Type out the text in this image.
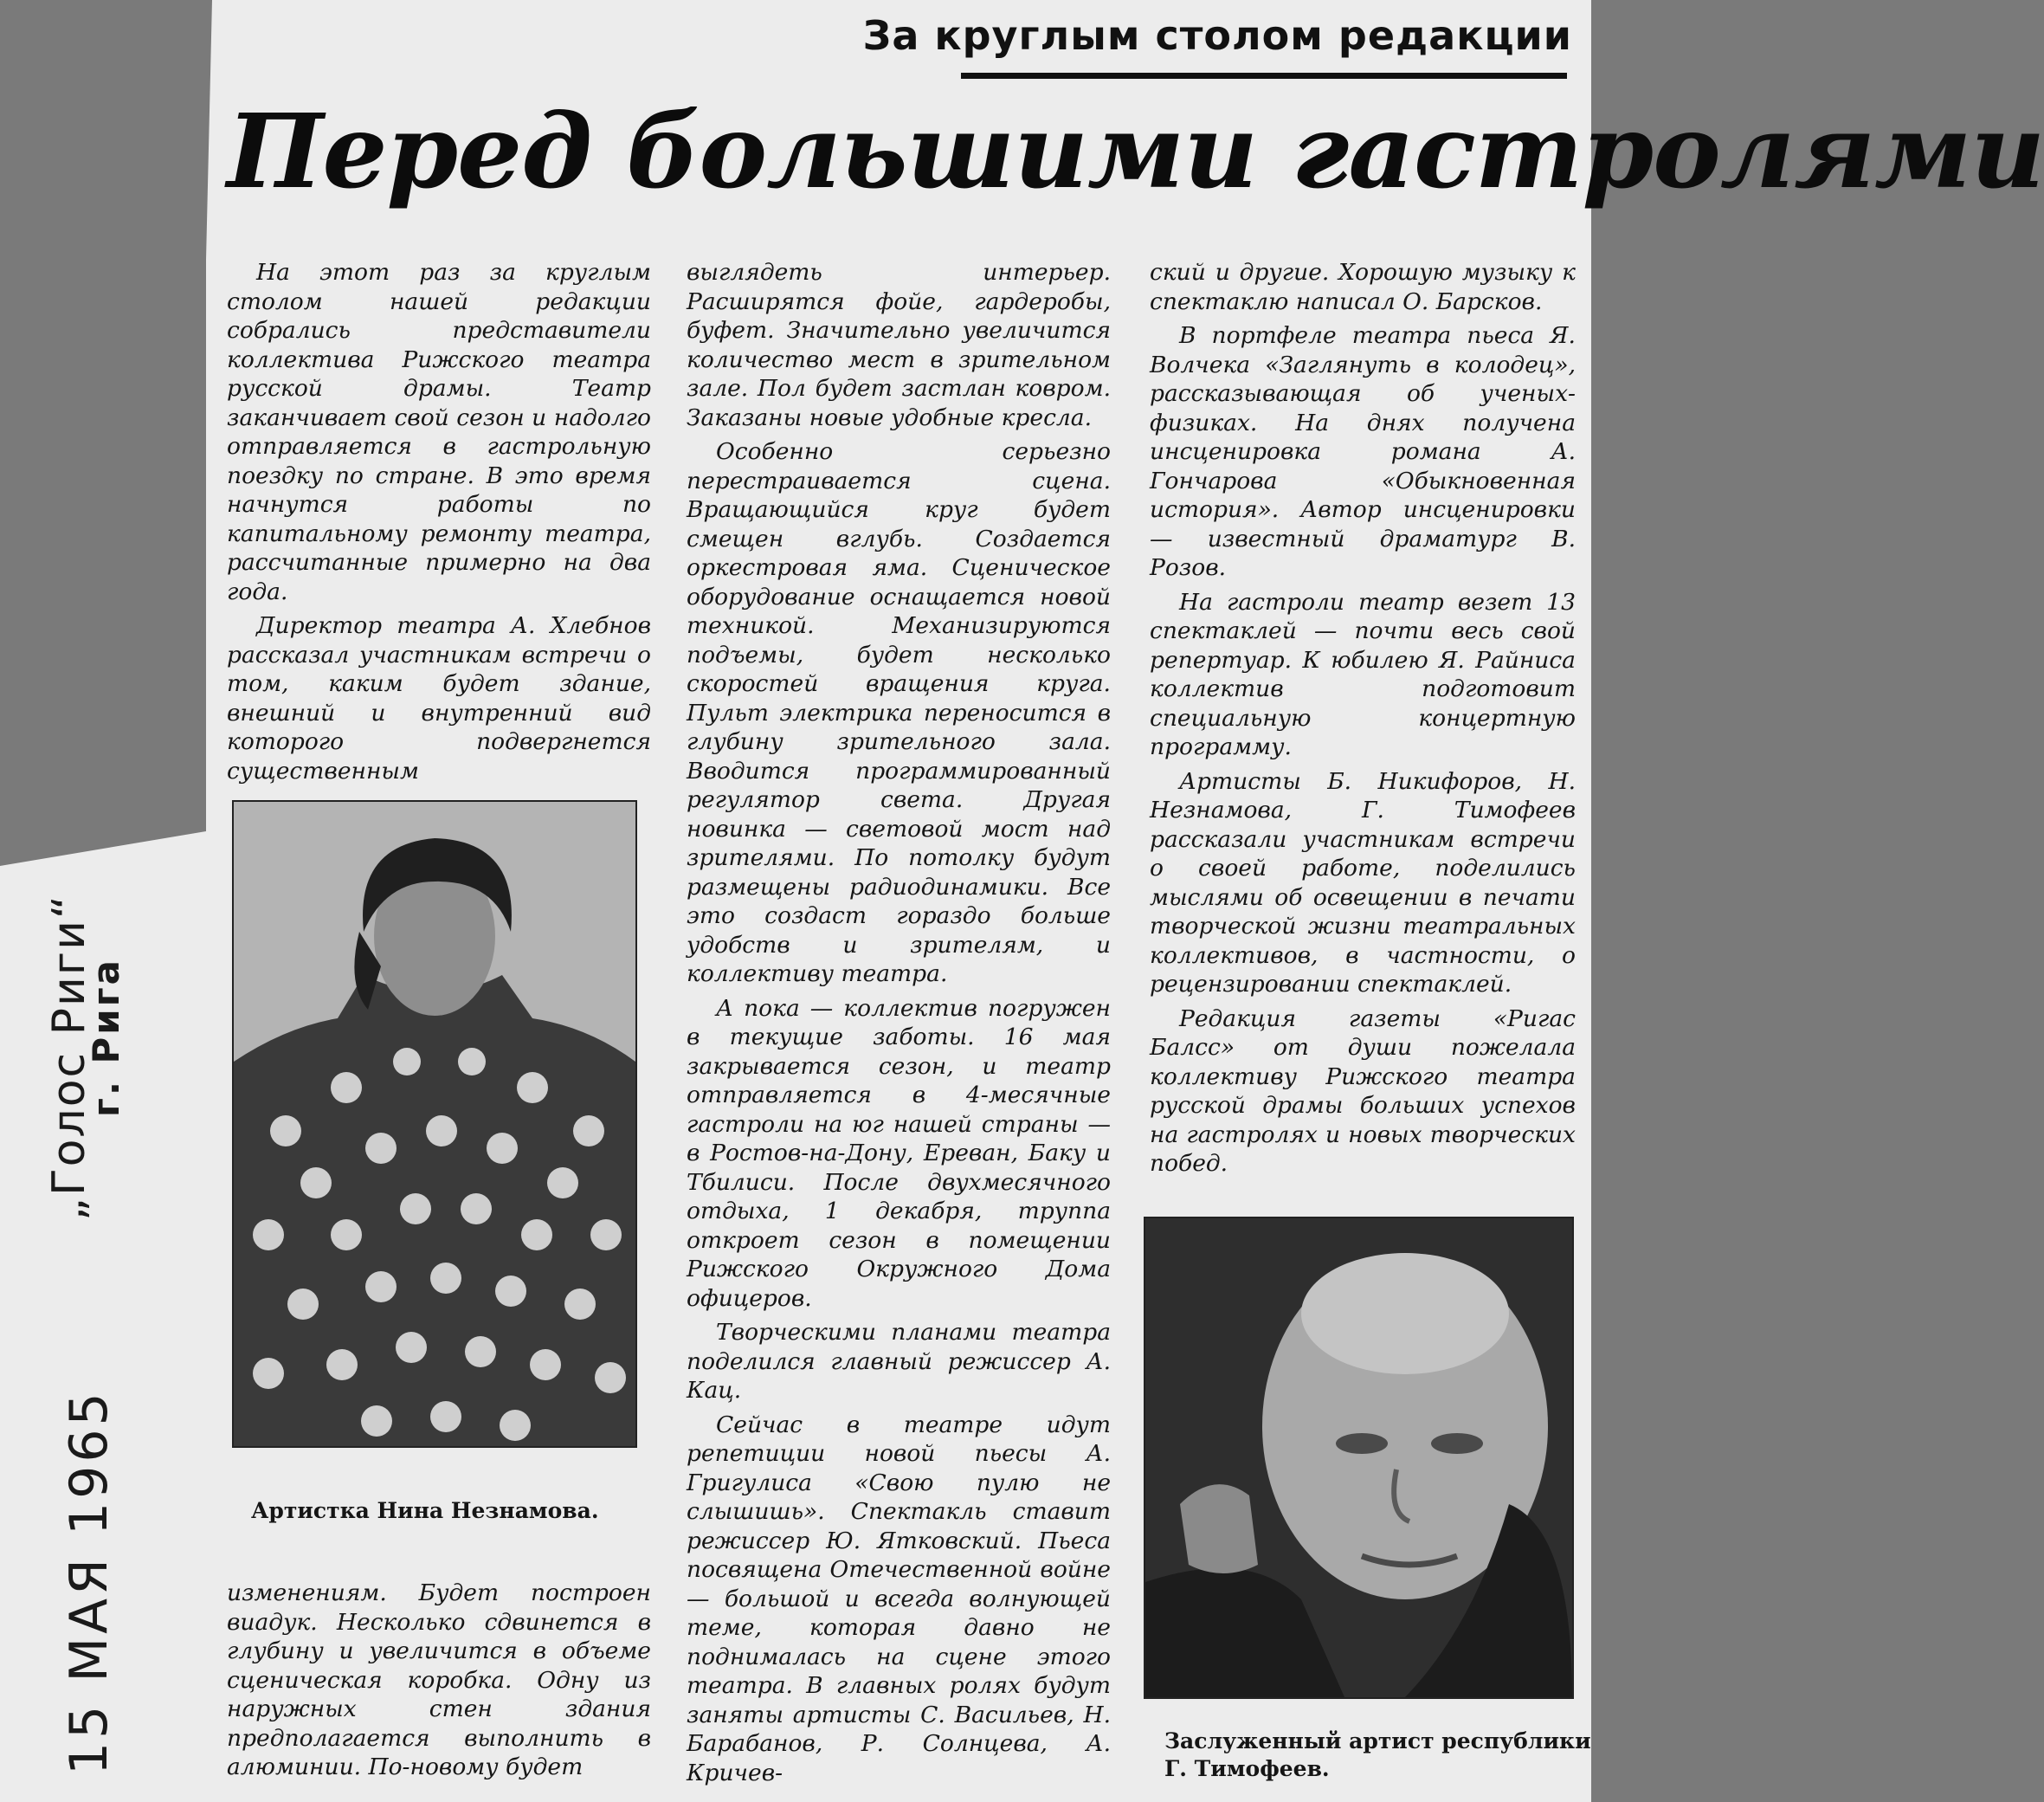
За круглым столом редакции
Перед большими гастролями

На этот раз за круглым столом нашей редакции собрались представители коллектива Рижского театра русской драмы. Театр заканчивает свой сезон и надолго отправляется в гастрольную поездку по стране. В это время начнутся работы по капитальному ремонту театра, рассчитанные примерно на два года.

Директор театра А. Хлебнов рассказал участникам встречи о том, каким будет здание, внешний и внутренний вид которого подвергнется существенным

Артистка Нина Незнамова.

изменениям. Будет построен виадук. Несколько сдвинется в глубину и увеличится в объеме сценическая коробка. Одну из наружных стен здания предполагается выполнить в алюминии. По-новому будет

выглядеть интерьер. Расширятся фойе, гардеробы, буфет. Значительно увеличится количество мест в зрительном зале. Пол будет застлан ковром. Заказаны новые удобные кресла.

Особенно серьезно перестраивается сцена. Вращающийся круг будет смещен вглубь. Создается оркестровая яма. Сценическое оборудование оснащается новой техникой. Механизируются подъемы, будет несколько скоростей вращения круга. Пульт электрика переносится в глубину зрительного зала. Вводится программированный регулятор света. Другая новинка — световой мост над зрителями. По потолку будут размещены радиодинамики. Все это создаст гораздо больше удобств и зрителям, и коллективу театра.

А пока — коллектив погружен в текущие заботы. 16 мая закрывается сезон, и театр отправляется в 4-месячные гастроли на юг нашей страны — в Ростов-на-Дону, Ереван, Баку и Тбилиси. После двухмесячного отдыха, 1 декабря, труппа откроет сезон в помещении Рижского Окружного Дома офицеров.

Творческими планами театра поделился главный режиссер А. Кац.

Сейчас в театре идут репетиции новой пьесы А. Григулиса «Свою пулю не слышишь». Спектакль ставит режиссер Ю. Ятковский. Пьеса посвящена Отечественной войне — большой и всегда волнующей теме, которая давно не поднималась на сцене этого театра. В главных ролях будут заняты артисты С. Васильев, Н. Барабанов, Р. Солнцева, А. Кричев-

ский и другие. Хорошую музыку к спектаклю написал О. Барсков.

В портфеле театра пьеса Я. Волчека «Заглянуть в колодец», рассказывающая об ученых-физиках. На днях получена инсценировка романа А. Гончарова «Обыкновенная история». Автор инсценировки — известный драматург В. Розов.

На гастроли театр везет 13 спектаклей — почти весь свой репертуар. К юбилею Я. Райниса коллектив подготовит специальную концертную программу.

Артисты Б. Никифоров, Н. Незнамова, Г. Тимофеев рассказали участникам встречи о своей работе, поделились мыслями об освещении в печати творческой жизни театральных коллективов, в частности, о рецензировании спектаклей.

Редакция газеты «Ригас Балсс» от души пожелала коллективу Рижского театра русской драмы больших успехов на гастролях и новых творческих побед.

Заслуженный артист республики Г. Тимофеев.
„Голос Риги“
г. Рига
15 МАЯ 1965
